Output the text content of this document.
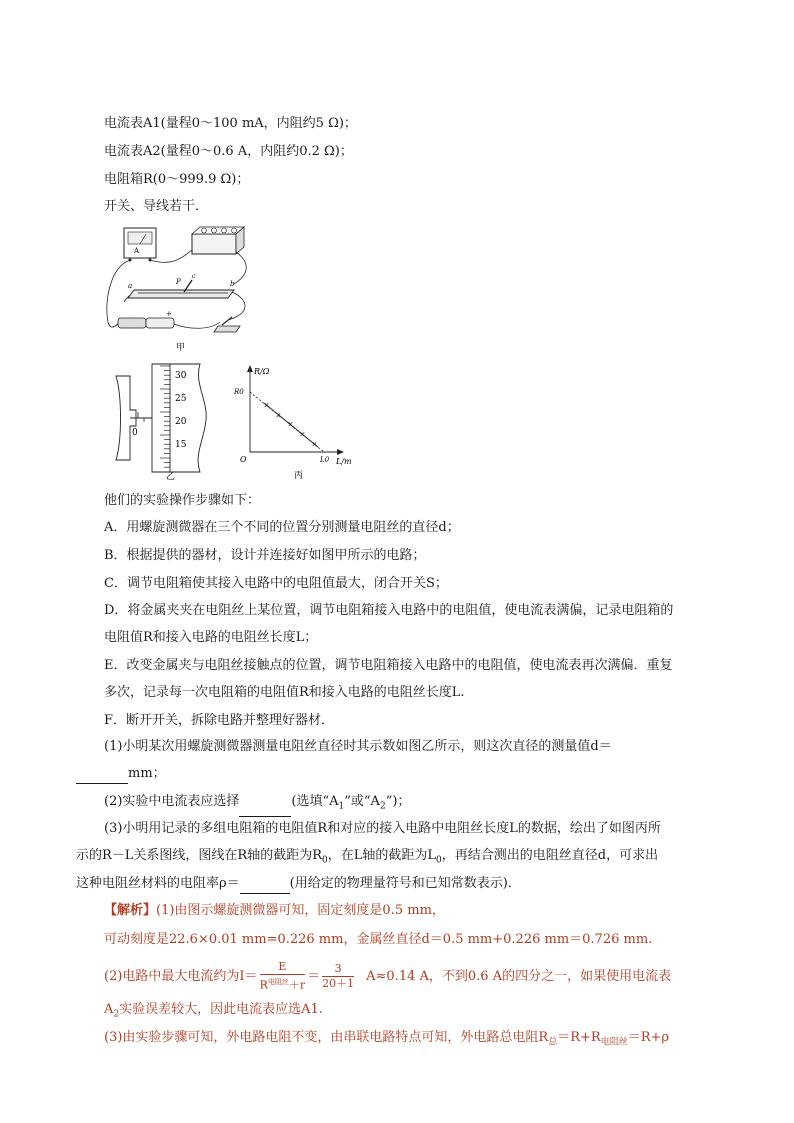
电流表A1(量程0～100 mA，内阻约5 Ω)；
电流表A2(量程0～0.6 A，内阻约0.2 Ω)；
电阻箱R(0～999.9 Ω)；
开关、导线若干．
A
a	b
P
c
+
甲
0
30
25
20
15
乙
R/Ω
R0
O	L0 L/m
×
×
×
×
×
丙
他们的实验操作步骤如下：
A．用螺旋测微器在三个不同的位置分别测量电阻丝的直径d；
B．根据提供的器材，设计并连接好如图甲所示的电路；
C．调节电阻箱使其接入电路中的电阻值最大，闭合开关S；
D．将金属夹夹在电阻丝上某位置，调节电阻箱接入电路中的电阻值，使电流表满偏，记录电阻箱的
电阻值R和接入电路的电阻丝长度L；
E．改变金属夹与电阻丝接触点的位置，调节电阻箱接入电路中的电阻值，使电流表再次满偏．重复
多次，记录每一次电阻箱的电阻值R和接入电路的电阻丝长度L.
F．断开开关，拆除电路并整理好器材．
(1)小明某次用螺旋测微器测量电阻丝直径时其示数如图乙所示，则这次直径的测量值d＝
mm；
(2)实验中电流表应选择	(选填“$A_1$”或“$A_2$”)；
(3)小明用记录的多组电阻箱的电阻值R和对应的接入电路中电阻丝长度L的数据，绘出了如图丙所
示的R－L关系图线，图线在R轴的截距为$R_0$，在L轴的截距为$L_0$，再结合测出的电阻丝直径d，可求出
这种电阻丝材料的电阻率ρ＝	(用给定的物理量符号和已知常数表示)．
【解析】(1)由图示螺旋测微器可知，固定刻度是0.5 mm，
可动刻度是22.6×0.01 mm=0.226 mm，金属丝直径d＝0.5 mm+0.226 mm＝0.726 mm.
(2)电路中最大电流约为$I= \frac{E}{R^{电阻丝}+r} = \frac{3}{20+1} A\approx 0.14$ A，不到0.6 A的四分之一，如果使用电流表
$A_2$实验误差较大，因此电流表应选A1.
(3)由实验步骤可知，外电路电阻不变，由串联电路特点可知，外电路总电阻$R_总=R+R_{电阻丝}=R+\rho$
